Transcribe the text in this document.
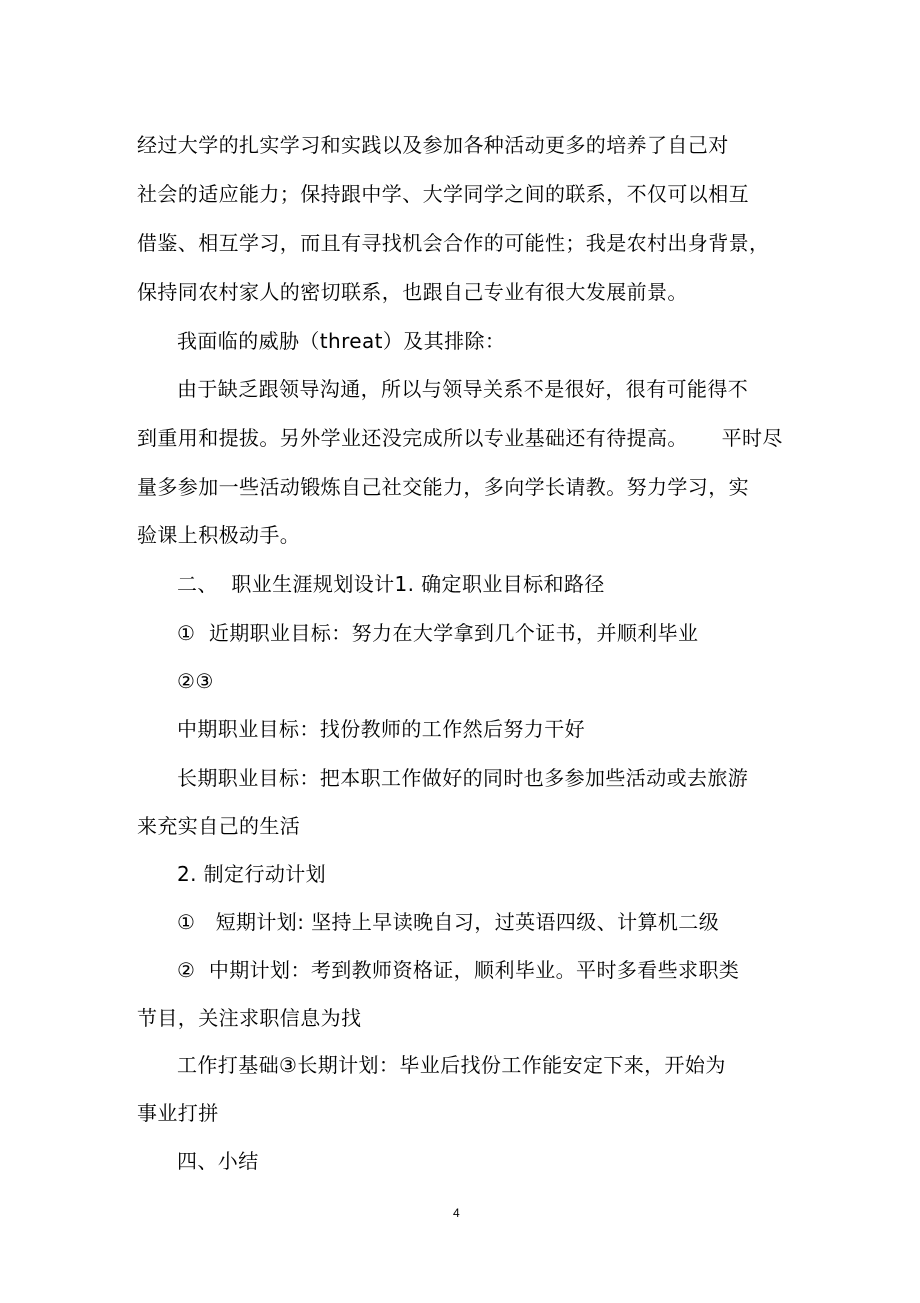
经过大学的扎实学习和实践以及参加各种活动更多的培养了自己对
社会的适应能力；保持跟中学、大学同学之间的联系，不仅可以相互
借鉴、相互学习，而且有寻找机会合作的可能性；我是农村出身背景，
保持同农村家人的密切联系，也跟自己专业有很大发展前景。
我面临的威胁（threat）及其排除：
由于缺乏跟领导沟通，所以与领导关系不是很好，很有可能得不
到重用和提拔。另外学业还没完成所以专业基础还有待提高。     平时尽
量多参加一些活动锻炼自己社交能力，多向学长请教。努力学习，实
验课上积极动手。
二、  职业生涯规划设计1. 确定职业目标和路径
①  近期职业目标：努力在大学拿到几个证书，并顺利毕业
②③
中期职业目标：找份教师的工作然后努力干好
长期职业目标：把本职工作做好的同时也多参加些活动或去旅游
来充实自己的生活
2. 制定行动计划
①   短期计划: 坚持上早读晚自习，过英语四级、计算机二级
②  中期计划：考到教师资格证，顺利毕业。平时多看些求职类
节目，关注求职信息为找
工作打基础③长期计划：毕业后找份工作能安定下来，开始为
事业打拼
四、小结
4
